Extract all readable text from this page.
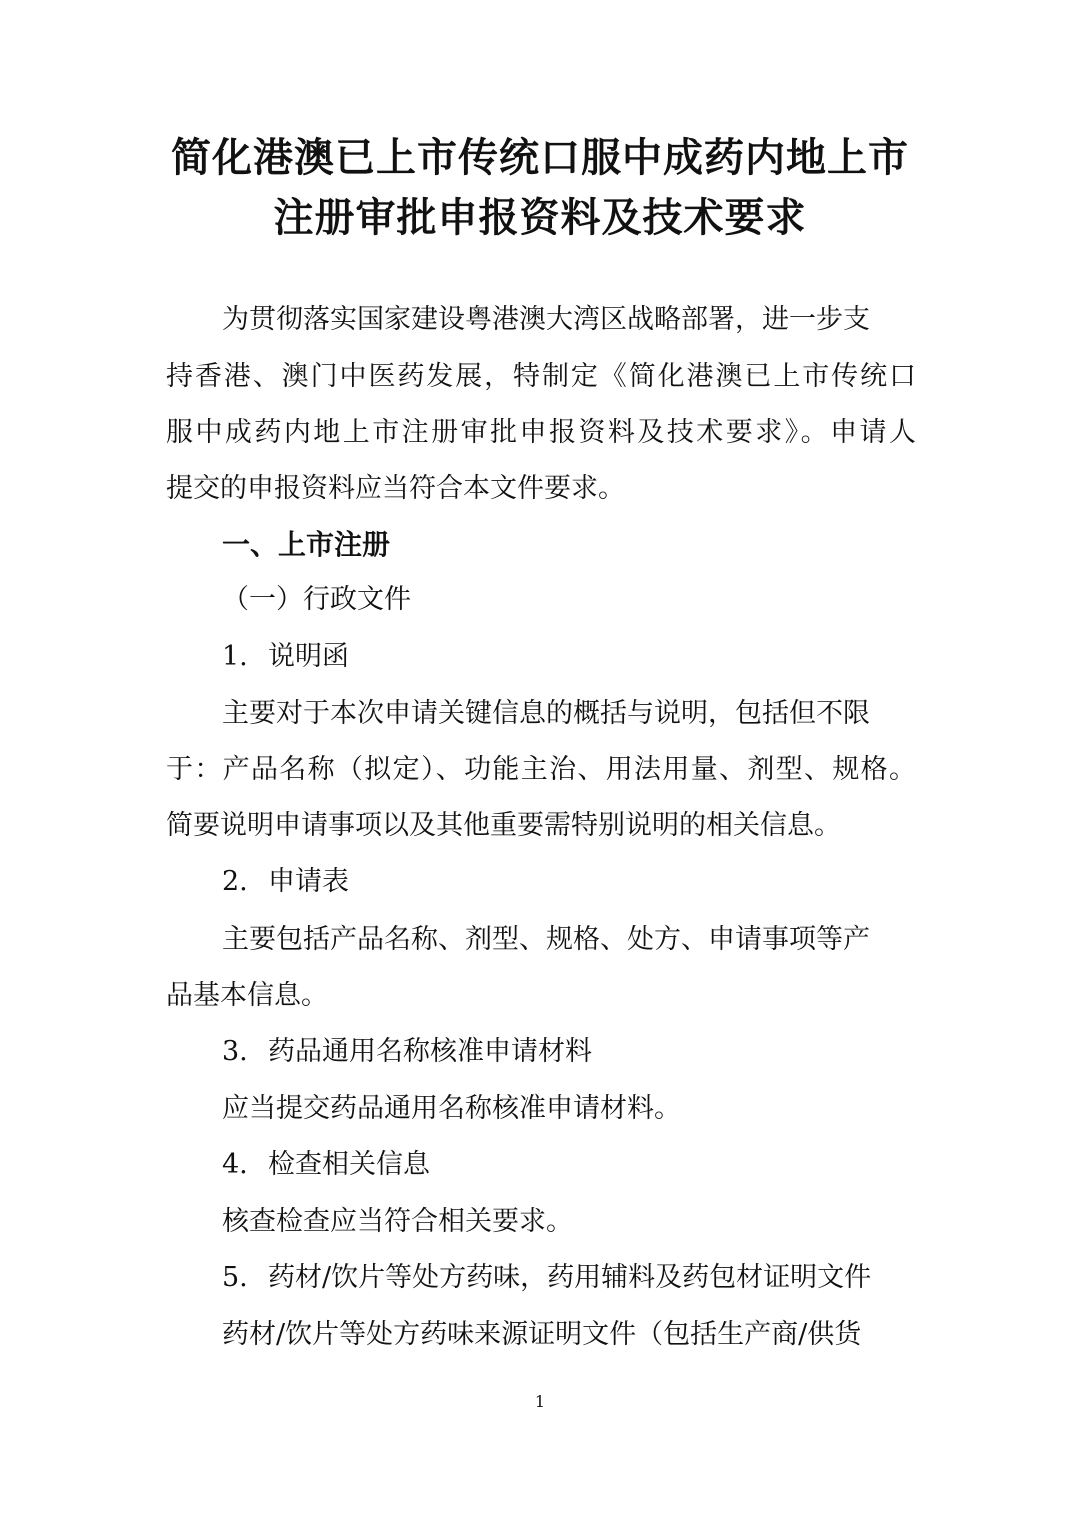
简化港澳已上市传统口服中成药内地上市
注册审批申报资料及技术要求

为贯彻落实国家建设粤港澳大湾区战略部署，进一步支

持香港、澳门中医药发展，特制定《简化港澳已上市传统口

服中成药内地上市注册审批申报资料及技术要求》。申请人

提交的申报资料应当符合本文件要求。

一、上市注册

（一）行政文件

1. 说明函

主要对于本次申请关键信息的概括与说明，包括但不限

于：产品名称（拟定）、功能主治、用法用量、剂型、规格。

简要说明申请事项以及其他重要需特别说明的相关信息。

2. 申请表

主要包括产品名称、剂型、规格、处方、申请事项等产

品基本信息。

3. 药品通用名称核准申请材料

应当提交药品通用名称核准申请材料。

4. 检查相关信息

核查检查应当符合相关要求。

5. 药材/饮片等处方药味，药用辅料及药包材证明文件

药材/饮片等处方药味来源证明文件（包括生产商/供货

1
